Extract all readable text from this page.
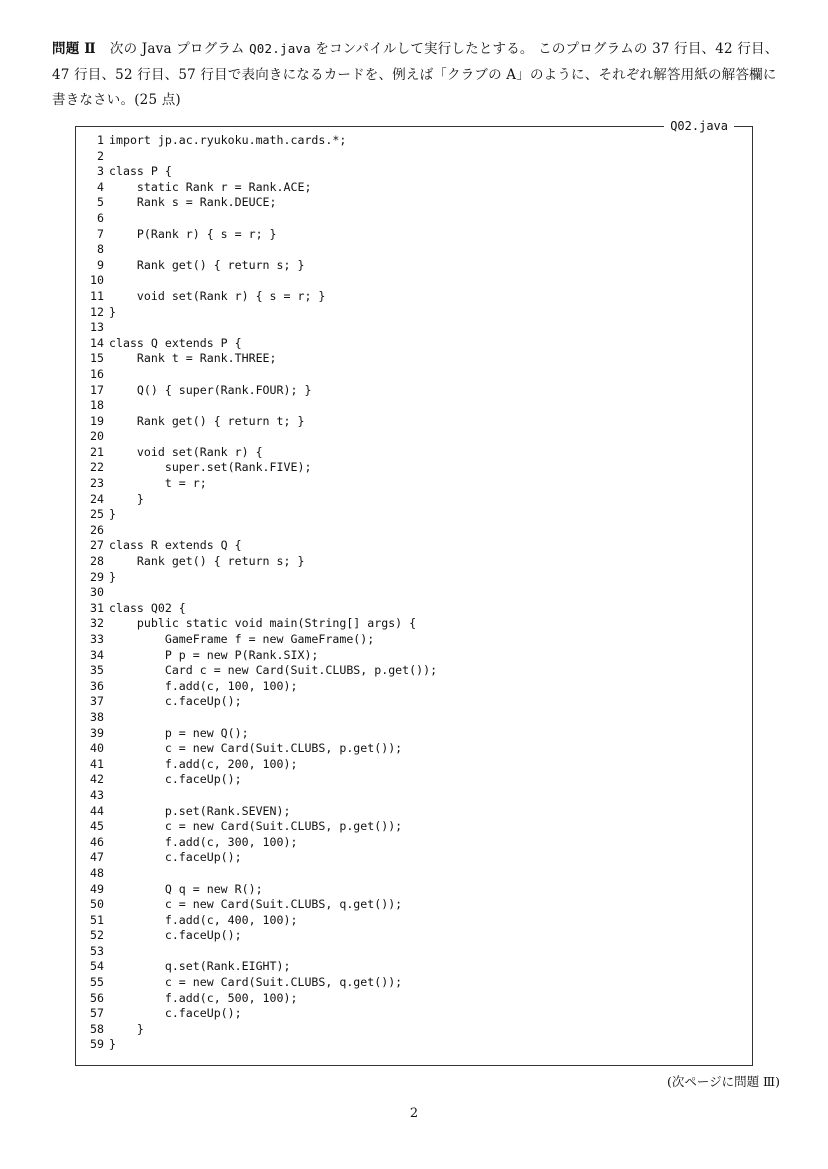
問題 Ⅱ 次の Java プログラム Q02.java をコンパイルして実行したとする。 このプログラムの 37 行目、42 行目、
47 行目、52 行目、57 行目で表向きになるカードを、例えば「クラブの A」のように、それぞれ解答用紙の解答欄に
書きなさい。(25 点)
Q02.java
1 import jp.ac.ryukoku.math.cards.*;
2
3 class P {
4    static Rank r = Rank.ACE;
5    Rank s = Rank.DEUCE;
6
7    P(Rank r) { s = r; }
8
9    Rank get() { return s; }
10
11    void set(Rank r) { s = r; }
12 }
13
14 class Q extends P {
15    Rank t = Rank.THREE;
16
17    Q() { super(Rank.FOUR); }
18
19    Rank get() { return t; }
20
21    void set(Rank r) {
22        super.set(Rank.FIVE);
23        t = r;
24    }
25 }
26
27 class R extends Q {
28    Rank get() { return s; }
29 }
30
31 class Q02 {
32    public static void main(String[] args) {
33        GameFrame f = new GameFrame();
34        P p = new P(Rank.SIX);
35        Card c = new Card(Suit.CLUBS, p.get());
36        f.add(c, 100, 100);
37        c.faceUp();
38
39        p = new Q();
40        c = new Card(Suit.CLUBS, p.get());
41        f.add(c, 200, 100);
42        c.faceUp();
43
44        p.set(Rank.SEVEN);
45        c = new Card(Suit.CLUBS, p.get());
46        f.add(c, 300, 100);
47        c.faceUp();
48
49        Q q = new R();
50        c = new Card(Suit.CLUBS, q.get());
51        f.add(c, 400, 100);
52        c.faceUp();
53
54        q.set(Rank.EIGHT);
55        c = new Card(Suit.CLUBS, q.get());
56        f.add(c, 500, 100);
57        c.faceUp();
58    }
59 }
(次ページに問題 Ⅲ)
2
